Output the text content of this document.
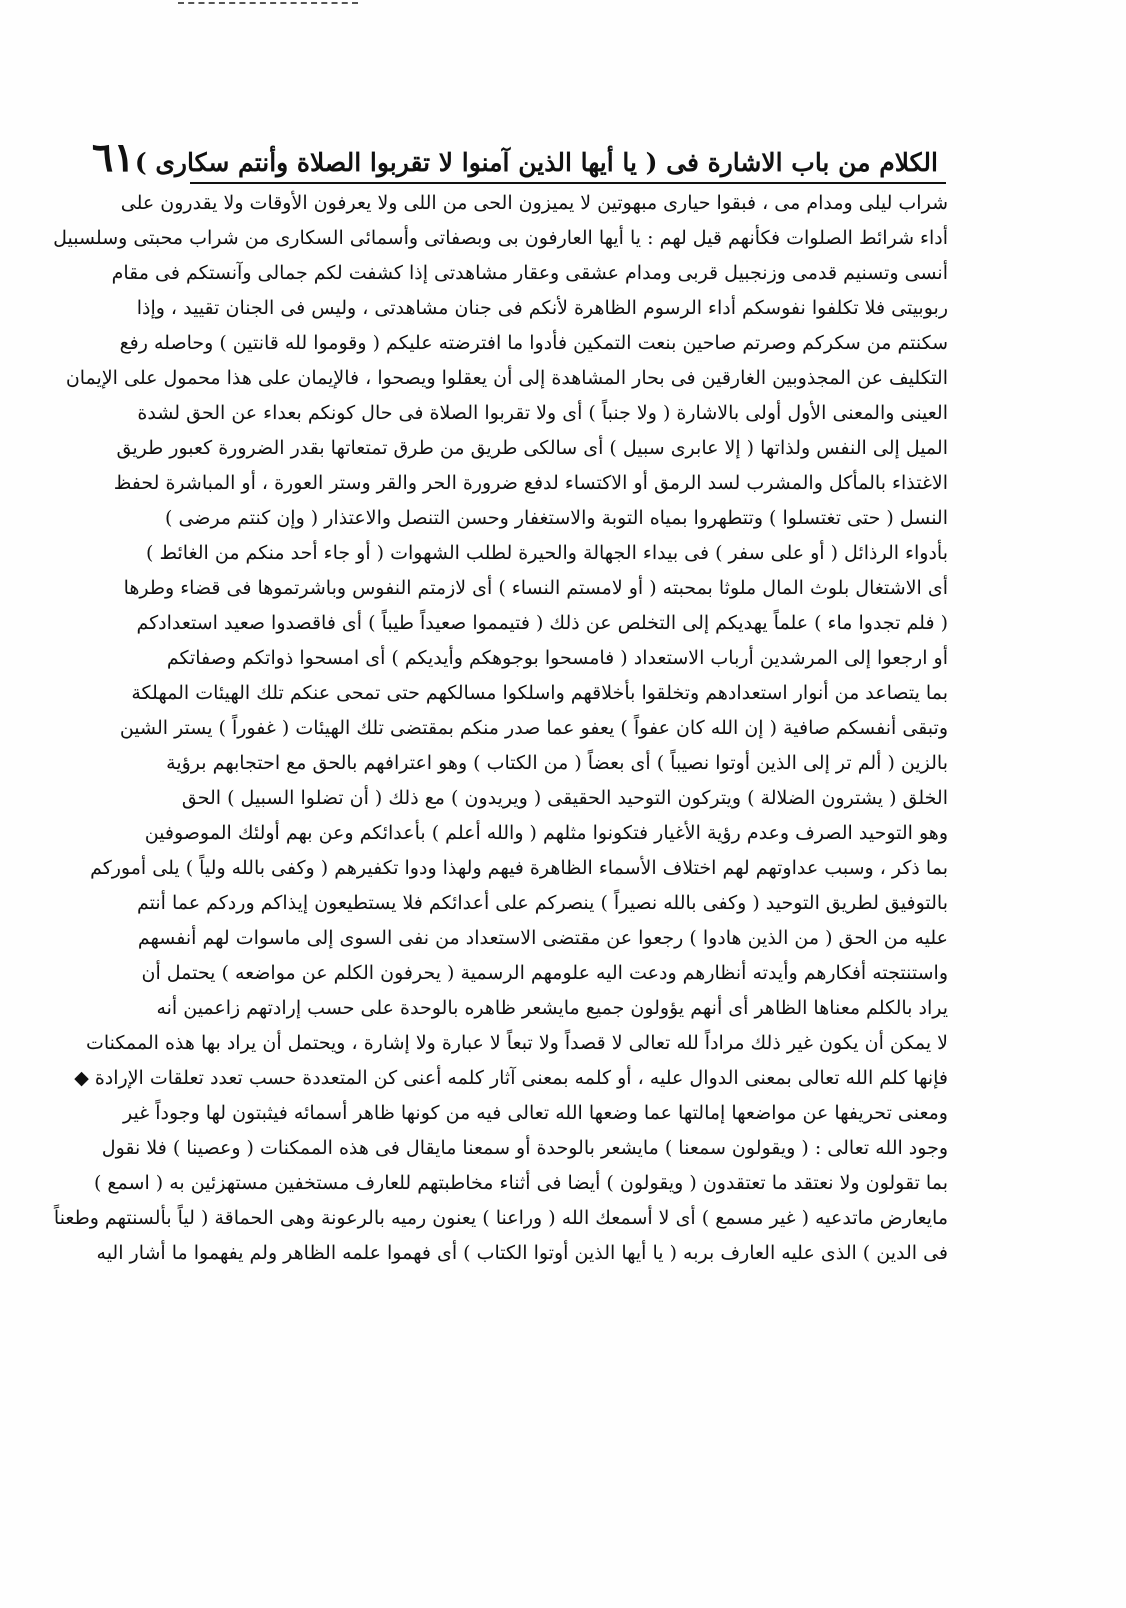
الكلام من باب الاشارة فى ( يا أيها الذين آمنوا لا تقربوا الصلاة وأنتم سكارى )
٦١
شراب ليلى ومدام مى ، فبقوا حيارى مبهوتين لا يميزون الحى من اللى ولا يعرفون الأوقات ولا يقدرون على
أداء شرائط الصلوات فكأنهم قيل لهم : يا أيها العارفون بى وبصفاتى وأسمائى السكارى من شراب محبتى وسلسبيل
أنسى وتسنيم قدمى وزنجبيل قربى ومدام عشقى وعقار مشاهدتى إذا كشفت لكم جمالى وآنستكم فى مقام
ربوبيتى فلا تكلفوا نفوسكم أداء الرسوم الظاهرة لأنكم فى جنان مشاهدتى ، وليس فى الجنان تقييد ، وإذا
سكنتم من سكركم وصرتم صاحين بنعت التمكين فأدوا ما افترضته عليكم ( وقوموا لله قانتين ) وحاصله رفع
التكليف عن المجذوبين الغارقين فى بحار المشاهدة إلى أن يعقلوا ويصحوا ، فالإيمان على هذا محمول على الإيمان
العينى والمعنى الأول أولى بالاشارة ( ولا جنباً ) أى ولا تقربوا الصلاة فى حال كونكم بعداء عن الحق لشدة
الميل إلى النفس ولذاتها ( إلا عابرى سبيل ) أى سالكى طريق من طرق تمتعاتها بقدر الضرورة كعبور طريق
الاغتذاء بالمأكل والمشرب لسد الرمق أو الاكتساء لدفع ضرورة الحر والقر وستر العورة ، أو المباشرة لحفظ
النسل ( حتى تغتسلوا ) وتتطهروا بمياه التوبة والاستغفار وحسن التنصل والاعتذار ( وإن كنتم مرضى )
بأدواء الرذائل ( أو على سفر ) فى بيداء الجهالة والحيرة لطلب الشهوات ( أو جاء أحد منكم من الغائط )
أى الاشتغال بلوث المال ملوثا بمحبته ( أو لامستم النساء ) أى لازمتم النفوس وباشرتموها فى قضاء وطرها
( فلم تجدوا ماء ) علماً يهديكم إلى التخلص عن ذلك ( فتيمموا صعيداً طيباً ) أى فاقصدوا صعيد استعدادكم
أو ارجعوا إلى المرشدين أرباب الاستعداد ( فامسحوا بوجوهكم وأيديكم ) أى امسحوا ذواتكم وصفاتكم
بما يتصاعد من أنوار استعدادهم وتخلقوا بأخلاقهم واسلكوا مسالكهم حتى تمحى عنكم تلك الهيئات المهلكة
وتبقى أنفسكم صافية ( إن الله كان عفواً ) يعفو عما صدر منكم بمقتضى تلك الهيئات ( غفوراً ) يستر الشين
بالزين ( ألم تر إلى الذين أوتوا نصيباً ) أى بعضاً ( من الكتاب ) وهو اعترافهم بالحق مع احتجابهم برؤية
الخلق ( يشترون الضلالة ) ويتركون التوحيد الحقيقى ( ويريدون ) مع ذلك ( أن تضلوا السبيل ) الحق
وهو التوحيد الصرف وعدم رؤية الأغيار فتكونوا مثلهم ( والله أعلم ) بأعدائكم وعن بهم أولئك الموصوفين
بما ذكر ، وسبب عداوتهم لهم اختلاف الأسماء الظاهرة فيهم ولهذا ودوا تكفيرهم ( وكفى بالله ولياً ) يلى أموركم
بالتوفيق لطريق التوحيد ( وكفى بالله نصيراً ) ينصركم على أعدائكم فلا يستطيعون إيذاكم وردكم عما أنتم
عليه من الحق ( من الذين هادوا ) رجعوا عن مقتضى الاستعداد من نفى السوى إلى ماسوات لهم أنفسهم
واستنتجته أفكارهم وأيدته أنظارهم ودعت اليه علومهم الرسمية ( يحرفون الكلم عن مواضعه ) يحتمل أن
يراد بالكلم معناها الظاهر أى أنهم يؤولون جميع مايشعر ظاهره بالوحدة على حسب إرادتهم زاعمين أنه
لا يمكن أن يكون غير ذلك مراداً لله تعالى لا قصداً ولا تبعاً لا عبارة ولا إشارة ، ويحتمل أن يراد بها هذه الممكنات
فإنها كلم الله تعالى بمعنى الدوال عليه ، أو كلمه بمعنى آثار كلمه أعنى كن المتعددة حسب تعدد تعلقات الإرادة ◆
ومعنى تحريفها عن مواضعها إمالتها عما وضعها الله تعالى فيه من كونها ظاهر أسمائه فيثبتون لها وجوداً غير
وجود الله تعالى : ( ويقولون سمعنا ) مايشعر بالوحدة أو سمعنا مايقال فى هذه الممكنات ( وعصينا ) فلا نقول
بما تقولون ولا نعتقد ما تعتقدون ( ويقولون ) أيضا فى أثناء مخاطبتهم للعارف مستخفين مستهزئين به ( اسمع )
مايعارض ماتدعيه ( غير مسمع ) أى لا أسمعك الله ( وراعنا ) يعنون رميه بالرعونة وهى الحماقة ( لياً بألسنتهم وطعناً
فى الدين ) الذى عليه العارف بربه ( يا أيها الذين أوتوا الكتاب ) أى فهموا علمه الظاهر ولم يفهموا ما أشار اليه
